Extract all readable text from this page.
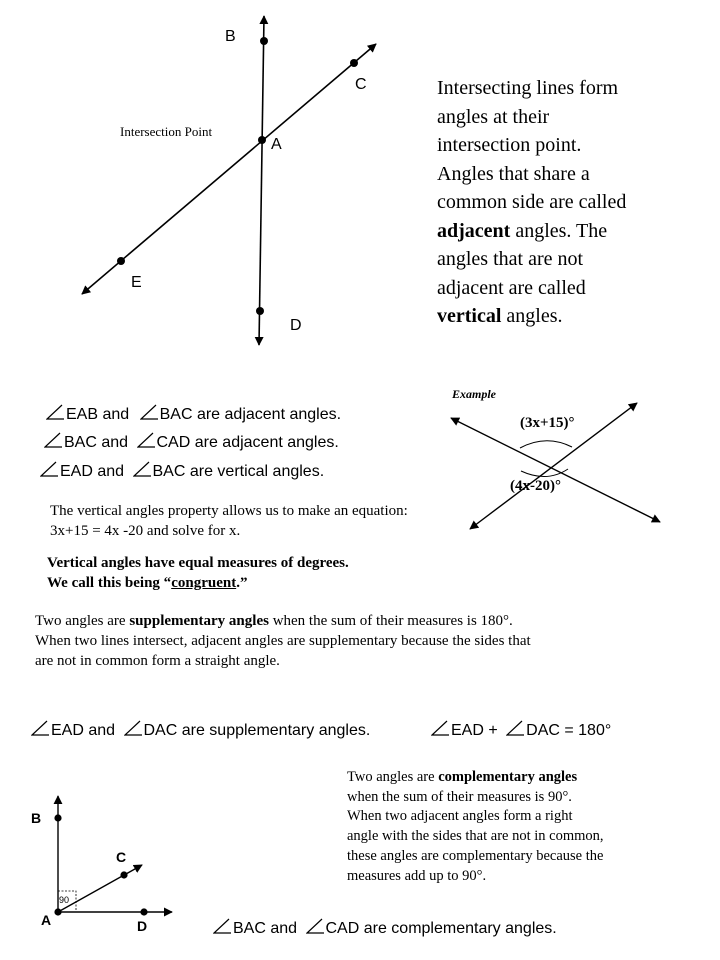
B
C
Intersection Point
A
E
D
Intersecting lines form angles at their intersection point. Angles that share a common side are called adjacent angles. The angles that are not adjacent are called vertical angles.
EAB and BAC are adjacent angles.
BAC and CAD are adjacent angles.
EAD and BAC are vertical angles.
Example
(3x+15)°
(4x-20)°
The vertical angles property allows us to make an equation:
3x+15 = 4x -20 and solve for x.
Vertical angles have equal measures of degrees.
We call this being “congruent.”
Two angles are supplementary angles when the sum of their measures is 180°.
When two lines intersect, adjacent angles are supplementary because the sides that
are not in common form a straight angle.
EAD and DAC are supplementary angles.	EAD + DAC = 180°
Two angles are complementary angles
when the sum of their measures is 90°.
When two adjacent angles form a right
angle with the sides that are not in common,
these angles are complementary because the
measures add up to 90°.
B
C
A	D
90
BAC and CAD are complementary angles.
